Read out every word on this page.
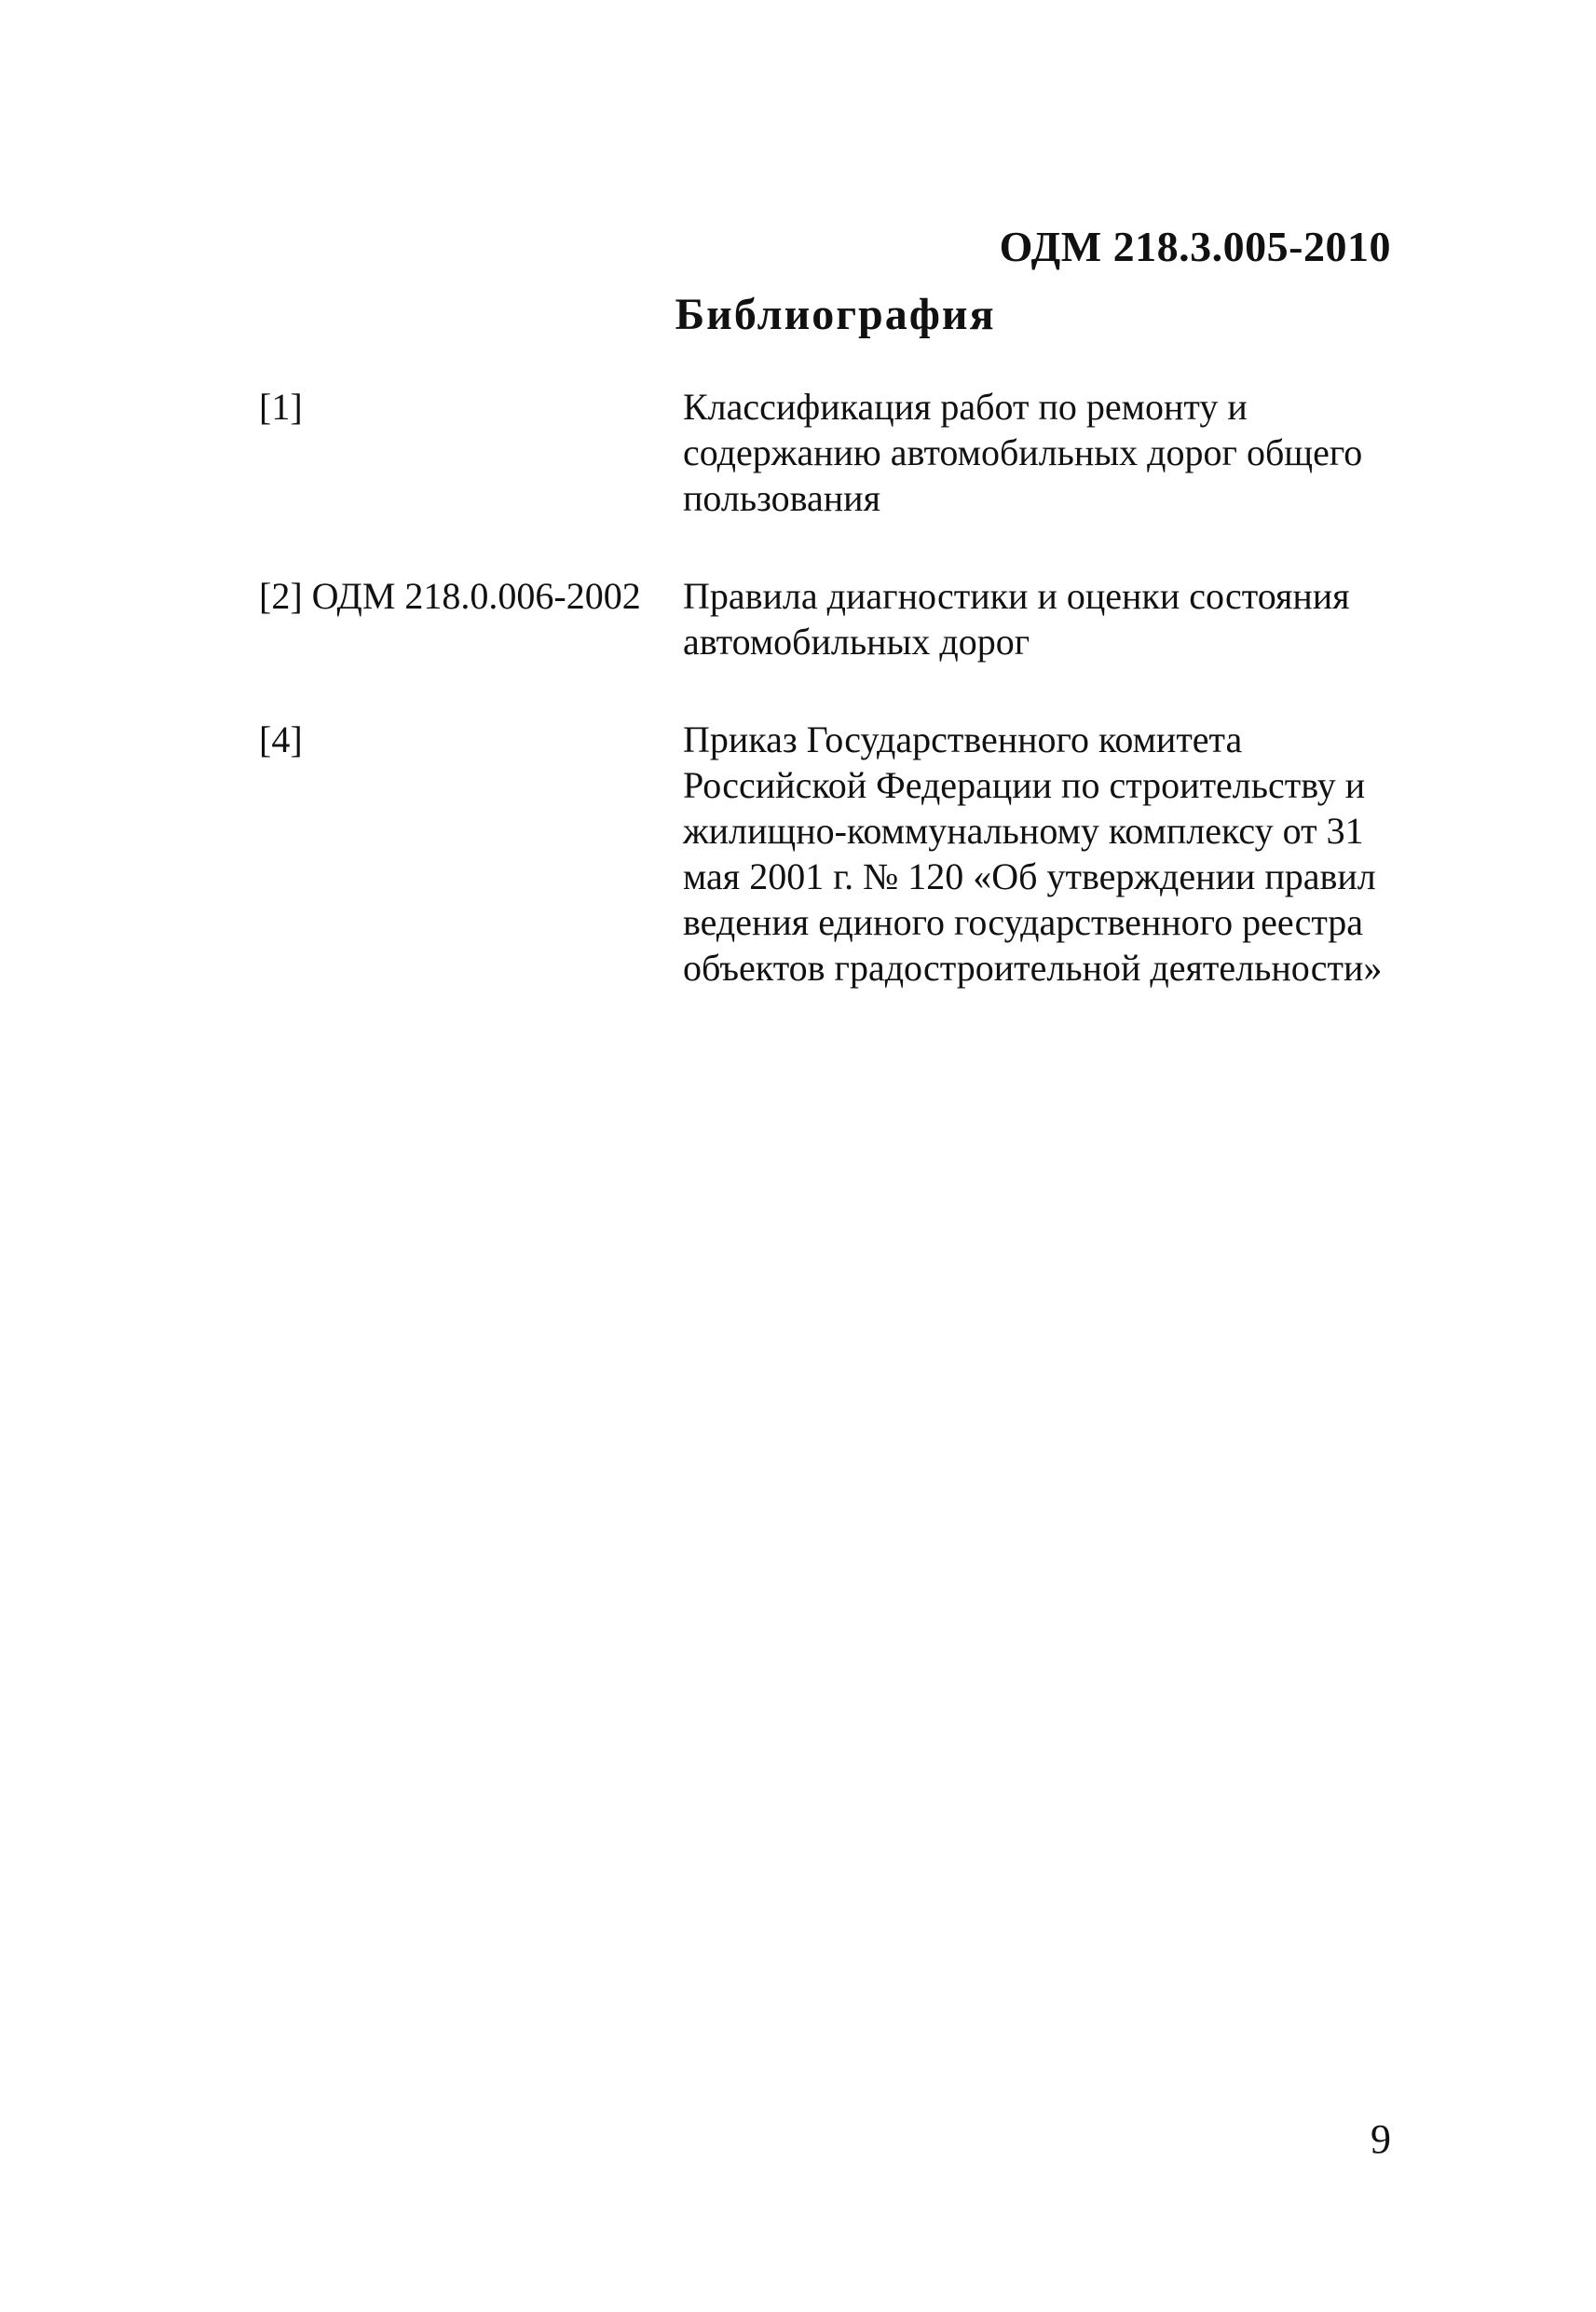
ОДМ 218.3.005-2010
Библиография
[1]	Классификация работ по ремонту и содержанию автомобильных дорог общего пользования
[2] ОДМ 218.0.006-2002	Правила диагностики и оценки состояния автомобильных дорог
[4]	Приказ Государственного комитета Российской Федерации по строительству и жилищно-коммунальному комплексу от 31 мая 2001 г. № 120 «Об утверждении правил ведения единого государственного реестра объектов градостроительной деятельности»
9
